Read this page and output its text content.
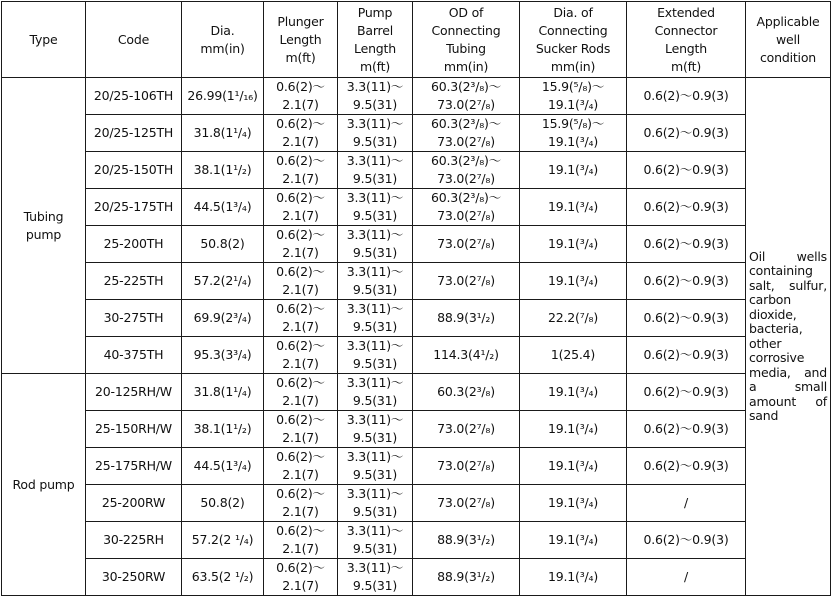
Type	Code	Dia.
mm(in)	Plunger
Length
m(ft)	Pump
Barrel
Length
m(ft)	OD of
Connecting
Tubing
mm(in)	Dia. of
Connecting
Sucker Rods
mm(in)	Extended
Connector
Length
m(ft)	Applicable
well
condition

Tubing
pump	20/25-106TH	26.99(1¹/₁₆)	0.6(2)～
2.1(7)	3.3(11)～
9.5(31)	60.3(2³/₈)～
73.0(2⁷/₈)	15.9(⁵/₈)～
19.1(³/₄)	0.6(2)～0.9(3)	Oil wells containing salt, sulfur, carbon dioxide, bacteria, other corrosive media, and a small amount of sand
	20/25-125TH	31.8(1¹/₄)	0.6(2)～
2.1(7)	3.3(11)～
9.5(31)	60.3(2³/₈)～
73.0(2⁷/₈)	15.9(⁵/₈)～
19.1(³/₄)	0.6(2)～0.9(3)	
	20/25-150TH	38.1(1¹/₂)	0.6(2)～
2.1(7)	3.3(11)～
9.5(31)	60.3(2³/₈)～
73.0(2⁷/₈)	19.1(³/₄)	0.6(2)～0.9(3)	
	20/25-175TH	44.5(1³/₄)	0.6(2)～
2.1(7)	3.3(11)～
9.5(31)	60.3(2³/₈)～
73.0(2⁷/₈)	19.1(³/₄)	0.6(2)～0.9(3)	
	25-200TH	50.8(2)	0.6(2)～
2.1(7)	3.3(11)～
9.5(31)	73.0(2⁷/₈)	19.1(³/₄)	0.6(2)～0.9(3)	
	25-225TH	57.2(2¹/₄)	0.6(2)～
2.1(7)	3.3(11)～
9.5(31)	73.0(2⁷/₈)	19.1(³/₄)	0.6(2)～0.9(3)	
	30-275TH	69.9(2³/₄)	0.6(2)～
2.1(7)	3.3(11)～
9.5(31)	88.9(3¹/₂)	22.2(⁷/₈)	0.6(2)～0.9(3)	
	40-375TH	95.3(3³/₄)	0.6(2)～
2.1(7)	3.3(11)～
9.5(31)	114.3(4¹/₂)	1(25.4)	0.6(2)～0.9(3)	
Rod pump	20-125RH/W	31.8(1¹/₄)	0.6(2)～
2.1(7)	3.3(11)～
9.5(31)	60.3(2³/₈)	19.1(³/₄)	0.6(2)～0.9(3)	
	25-150RH/W	38.1(1¹/₂)	0.6(2)～
2.1(7)	3.3(11)～
9.5(31)	73.0(2⁷/₈)	19.1(³/₄)	0.6(2)～0.9(3)	
	25-175RH/W	44.5(1³/₄)	0.6(2)～
2.1(7)	3.3(11)～
9.5(31)	73.0(2⁷/₈)	19.1(³/₄)	0.6(2)～0.9(3)	
	25-200RW	50.8(2)	0.6(2)～
2.1(7)	3.3(11)～
9.5(31)	73.0(2⁷/₈)	19.1(³/₄)	/	
	30-225RH	57.2(2 ¹/₄)	0.6(2)～
2.1(7)	3.3(11)～
9.5(31)	88.9(3¹/₂)	19.1(³/₄)	0.6(2)～0.9(3)	
	30-250RW	63.5(2 ¹/₂)	0.6(2)～
2.1(7)	3.3(11)～
9.5(31)	88.9(3¹/₂)	19.1(³/₄)	/	
